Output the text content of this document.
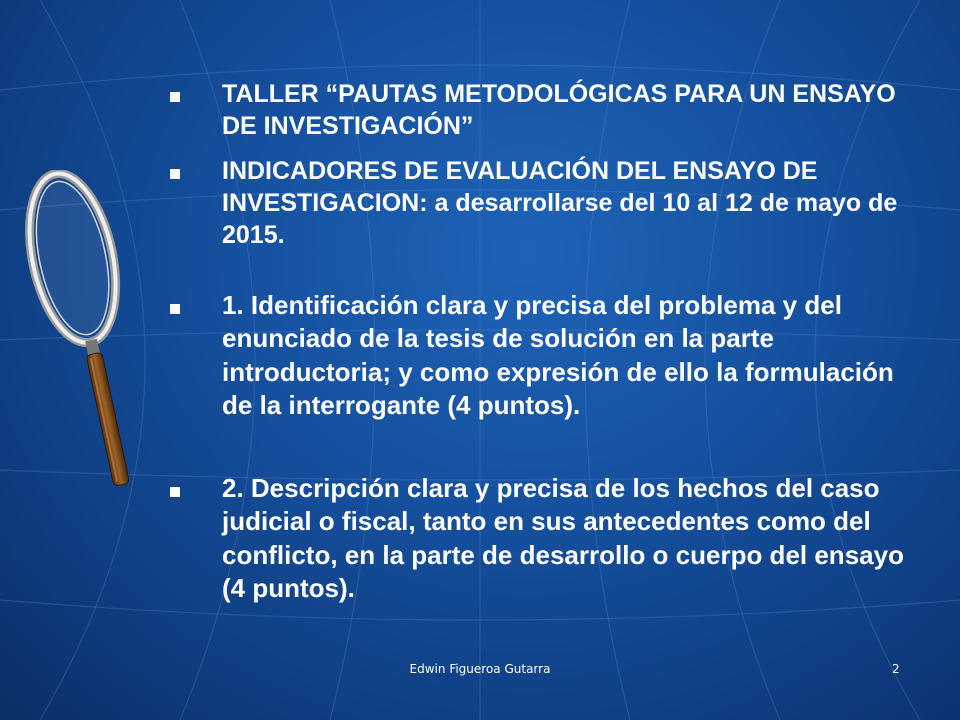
TALLER “PAUTAS METODOLÓGICAS PARA UN ENSAYO DE INVESTIGACIÓN”
INDICADORES DE EVALUACIÓN DEL ENSAYO DE INVESTIGACION: a desarrollarse del 10 al 12 de mayo de 2015.
1. Identificación clara y precisa del problema y del enunciado de la tesis de solución en la parte introductoria; y como expresión de ello la formulación de la interrogante (4 puntos).
2. Descripción clara y precisa de los hechos del caso judicial o fiscal, tanto en sus antecedentes como del conflicto, en la parte de desarrollo o cuerpo del ensayo (4 puntos).
Edwin Figueroa Gutarra	2
